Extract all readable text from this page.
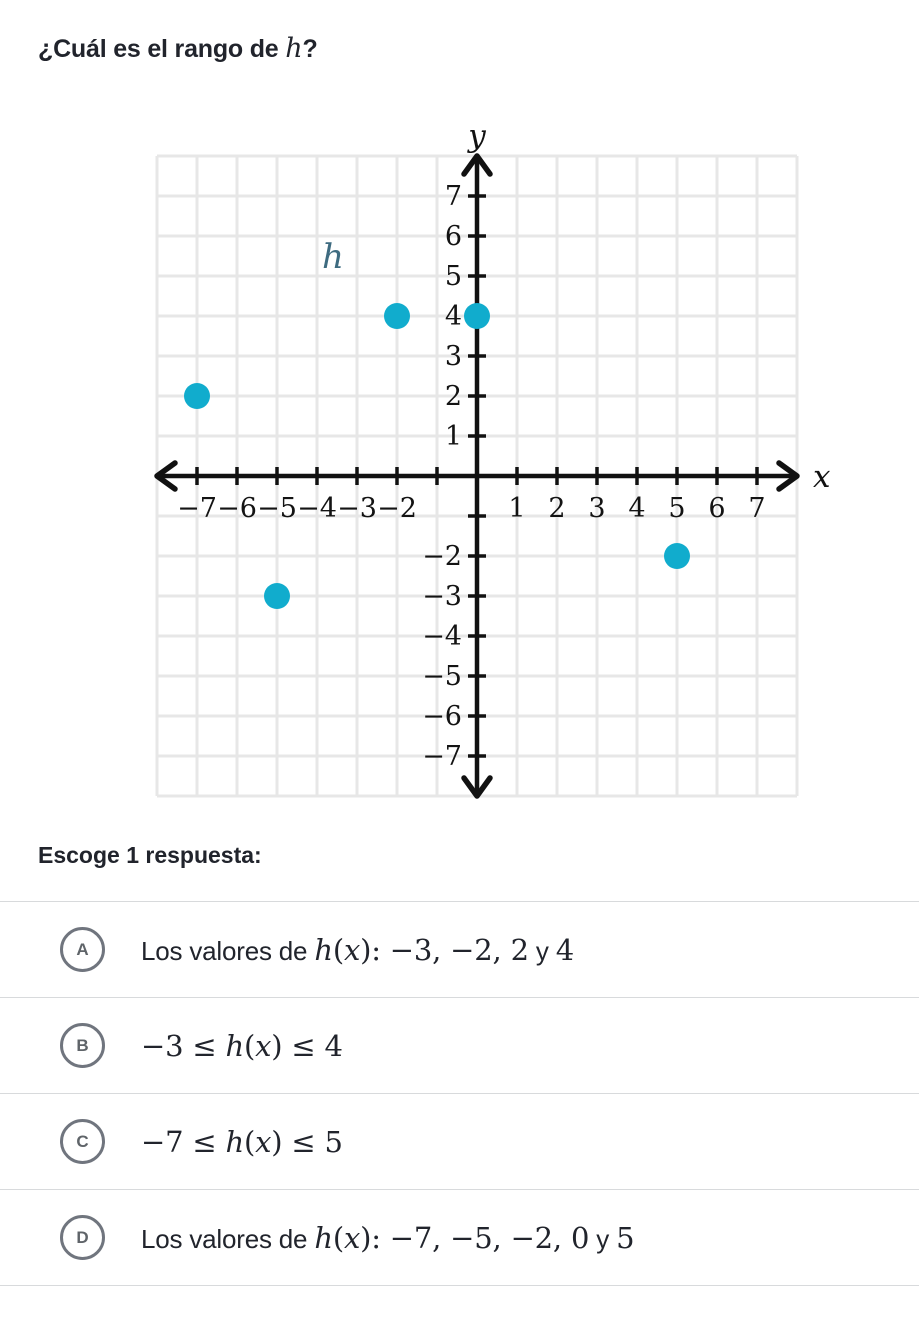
¿Cuál es el rango de h?
−7 −6 −5 −4 −3 −2	1 2 3 4 5 6 7
1
2
3
4
5
6
7
−2
−3
−4
−5
−6
−7
x
y
h
Escoge 1 respuesta:
A	Los valores de h(x): −3, −2, 2 y 4
B	−3 ≤ h(x) ≤ 4
C	−7 ≤ h(x) ≤ 5
D	Los valores de h(x): −7, −5, −2, 0 y 5
